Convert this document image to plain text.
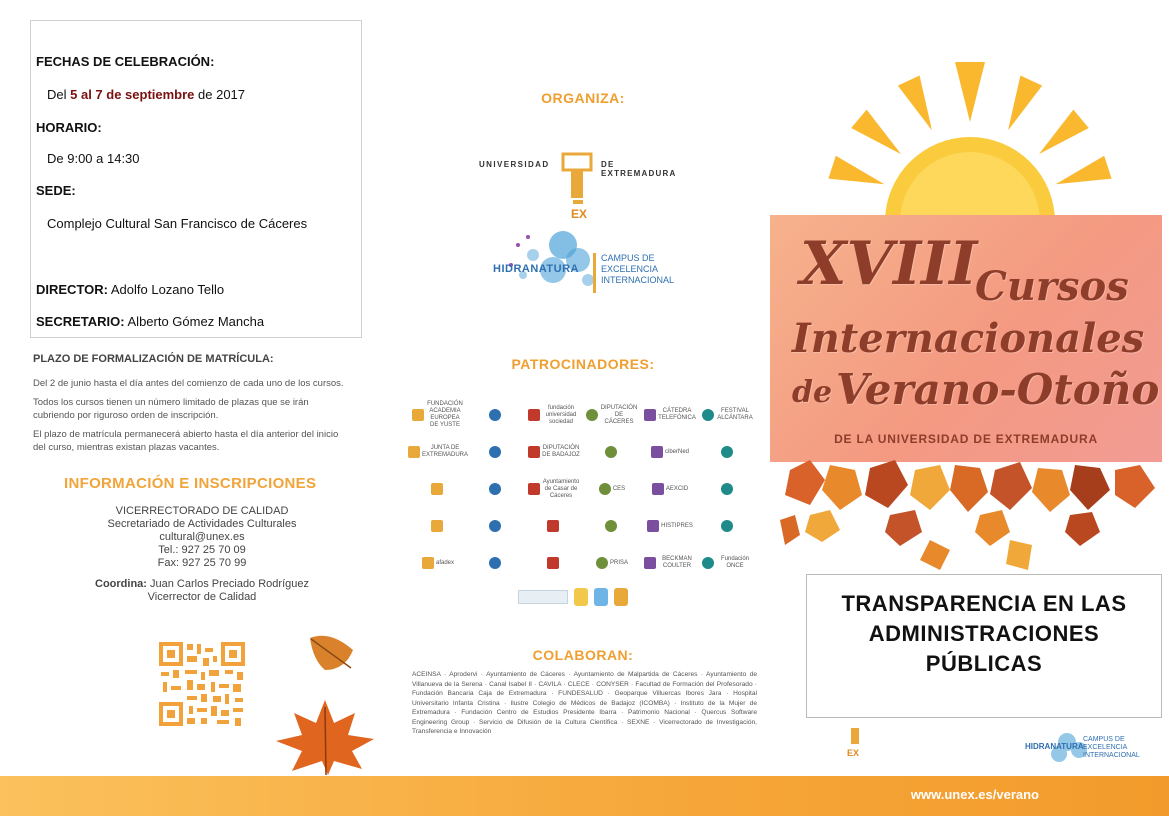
FECHAS DE CELEBRACIÓN:
Del 5 al 7 de septiembre de 2017
HORARIO:
De 9:00 a 14:30
SEDE:
Complejo Cultural San Francisco de Cáceres
DIRECTOR: Adolfo Lozano Tello
SECRETARIO: Alberto Gómez Mancha
PLAZO DE FORMALIZACIÓN DE MATRÍCULA:
Del 2 de junio hasta el día antes del comienzo de cada uno de los cursos.
Todos los cursos tienen un número limitado de plazas que se irán
cubriendo por riguroso orden de inscripción.
El plazo de matrícula permanecerá abierto hasta el día anterior del inicio
del curso, mientras existan plazas vacantes.
INFORMACIÓN E INSCRIPCIONES
VICERRECTORADO DE CALIDAD
Secretariado de Actividades Culturales
cultural@unex.es
Tel.: 927 25 70 09
Fax: 927 25 70 99
Coordina: Juan Carlos Preciado Rodríguez
Vicerrector de Calidad
ORGANIZA:
UNIVERSIDAD	DE EXTREMADURA
EX
HIDRANATURA
CAMPUS DE
EXCELENCIA
INTERNACIONAL
PATROCINADORES:
FUNDACIÓN ACADEMIA EUROPEA DE YUSTE
fundación universidad sociedad
DIPUTACIÓN DE CÁCERES
CÁTEDRA TELEFÓNICA
FESTIVAL ALCÁNTARA
JUNTA DE EXTREMADURA
DIPUTACIÓN DE BADAJOZ
ciberNed
Ayuntamiento de Casar de Cáceres
CES	AEXCID
HISTIPRES
afadex	PRISA
BECKMAN COULTER
Fundación ONCE
COLABORAN:
ACEINSA · Aprodervi · Ayuntamiento de Cáceres · Ayuntamiento de Malpartida de Cáceres · Ayuntamiento de Villanueva de la Serena · Canal Isabel II · CAVILA · CLECE · CONYSER · Facultad de Formación del Profesorado · Fundación Bancaria Caja de Extremadura · FUNDESALUD · Geoparque Villuercas Ibores Jara · Hospital Universitario Infanta Cristina · Ilustre Colegio de Médicos de Badajoz (ICOMBA) · Instituto de la Mujer de Extremadura · Fundación Centro de Estudios Presidente Ibarra · Patrimonio Nacional · Quercus Software Engineering Group · Servicio de Difusión de la Cultura Científica · SEXNE · Vicerrectorado de Investigación, Transferencia e Innovación
EX
HIDRANATURA
CAMPUS DE
EXCELENCIA
INTERNACIONAL
XVIII
Cursos
Internacionales
de Verano-Otoño
DE LA UNIVERSIDAD DE EXTREMADURA
TRANSPARENCIA EN LAS
ADMINISTRACIONES
PÚBLICAS
www.unex.es/verano
